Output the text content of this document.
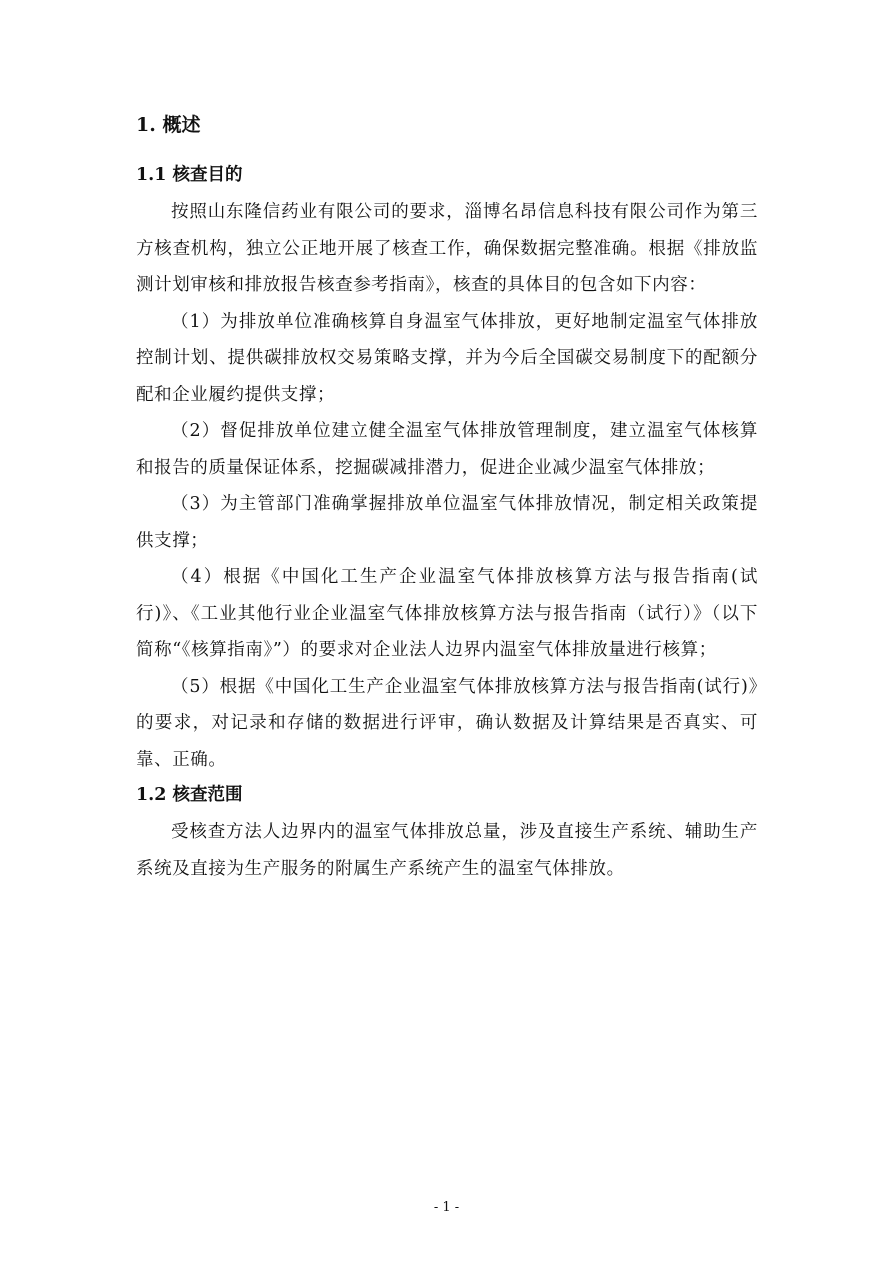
1. 概述
1.1 核查目的

按照山东隆信药业有限公司的要求，淄博名昂信息科技有限公司作为第三方核查机构，独立公正地开展了核查工作，确保数据完整准确。根据《排放监测计划审核和排放报告核查参考指南》，核查的具体目的包含如下内容：

（1）为排放单位准确核算自身温室气体排放，更好地制定温室气体排放控制计划、提供碳排放权交易策略支撑，并为今后全国碳交易制度下的配额分配和企业履约提供支撑；

（2）督促排放单位建立健全温室气体排放管理制度，建立温室气体核算和报告的质量保证体系，挖掘碳减排潜力，促进企业减少温室气体排放；

（3）为主管部门准确掌握排放单位温室气体排放情况，制定相关政策提供支撑；

（4）根据《中国化工生产企业温室气体排放核算方法与报告指南(试行)》、《工业其他行业企业温室气体排放核算方法与报告指南（试行）》（以下简称“《核算指南》”）的要求对企业法人边界内温室气体排放量进行核算；

（5）根据《中国化工生产企业温室气体排放核算方法与报告指南(试行)》的要求，对记录和存储的数据进行评审，确认数据及计算结果是否真实、可靠、正确。

1.2 核查范围

受核查方法人边界内的温室气体排放总量，涉及直接生产系统、辅助生产系统及直接为生产服务的附属生产系统产生的温室气体排放。

- 1 -
